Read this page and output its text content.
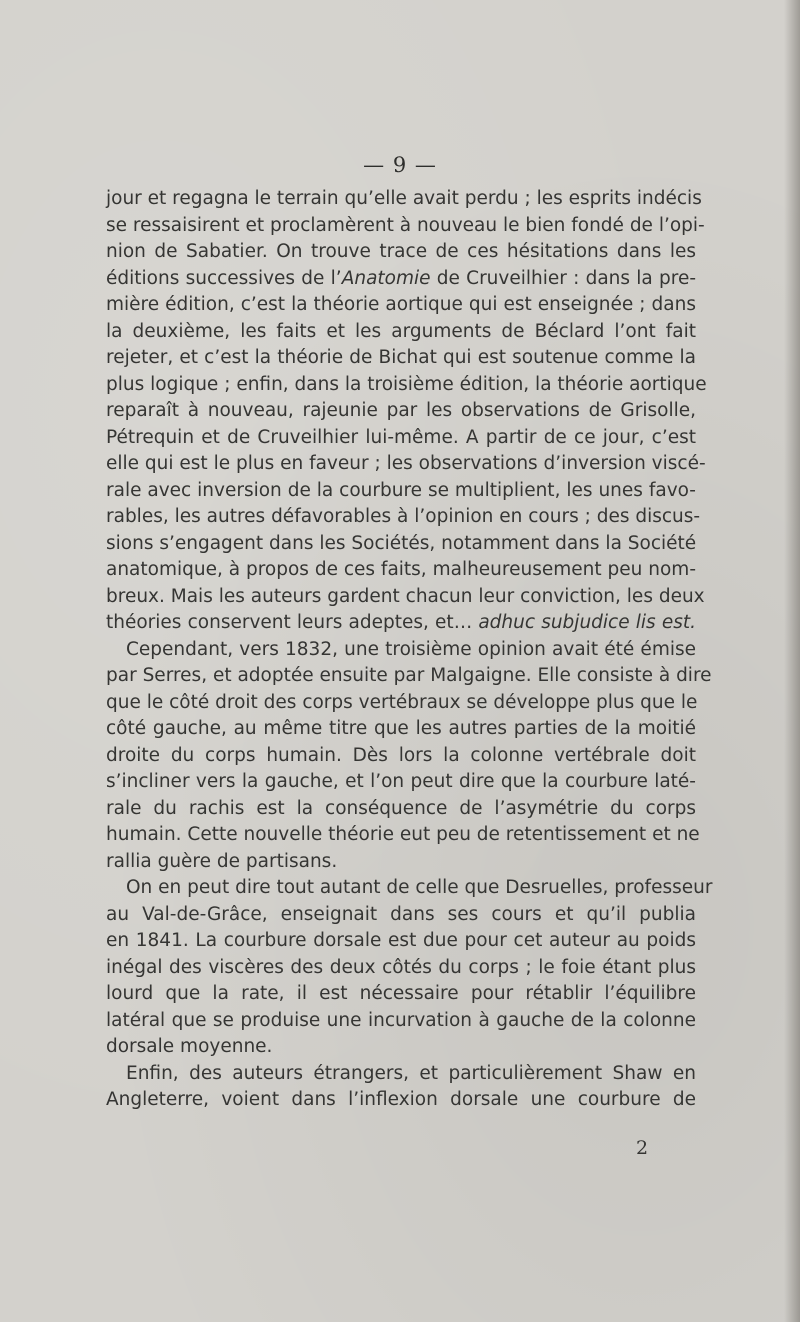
— 9 —
jour et regagna le terrain qu’elle avait perdu ; les esprits indécis
se ressaisirent et proclamèrent à nouveau le bien fondé de l’opi-
nion de Sabatier. On trouve trace de ces hésitations dans les
éditions successives de l’Anatomie de Cruveilhier : dans la pre-
mière édition, c’est la théorie aortique qui est enseignée ; dans
la deuxième, les faits et les arguments de Béclard l’ont fait
rejeter, et c’est la théorie de Bichat qui est soutenue comme la
plus logique ; enfin, dans la troisième édition, la théorie aortique
reparaît à nouveau, rajeunie par les observations de Grisolle,
Pétrequin et de Cruveilhier lui-même. A partir de ce jour, c’est
elle qui est le plus en faveur ; les observations d’inversion viscé-
rale avec inversion de la courbure se multiplient, les unes favo-
rables, les autres défavorables à l’opinion en cours ; des discus-
sions s’engagent dans les Sociétés, notamment dans la Société
anatomique, à propos de ces faits, malheureusement peu nom-
breux. Mais les auteurs gardent chacun leur conviction, les deux
théories conservent leurs adeptes, et… adhuc subjudice lis est.
Cependant, vers 1832, une troisième opinion avait été émise
par Serres, et adoptée ensuite par Malgaigne. Elle consiste à dire
que le côté droit des corps vertébraux se développe plus que le
côté gauche, au même titre que les autres parties de la moitié
droite du corps humain. Dès lors la colonne vertébrale doit
s’incliner vers la gauche, et l’on peut dire que la courbure laté-
rale du rachis est la conséquence de l’asymétrie du corps
humain. Cette nouvelle théorie eut peu de retentissement et ne
rallia guère de partisans.
On en peut dire tout autant de celle que Desruelles, professeur
au Val-de-Grâce, enseignait dans ses cours et qu’il publia
en 1841. La courbure dorsale est due pour cet auteur au poids
inégal des viscères des deux côtés du corps ; le foie étant plus
lourd que la rate, il est nécessaire pour rétablir l’équilibre
latéral que se produise une incurvation à gauche de la colonne
dorsale moyenne.
Enfin, des auteurs étrangers, et particulièrement Shaw en
Angleterre, voient dans l’inflexion dorsale une courbure de
2
